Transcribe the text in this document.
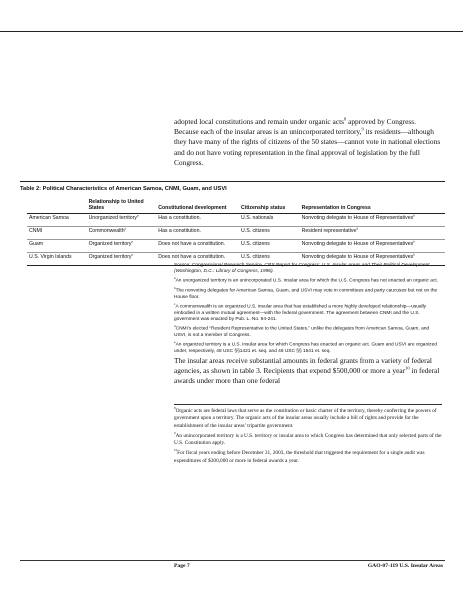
adopted local constitutions and remain under organic acts$^8$ approved by Congress. Because each of the insular areas is an unincorporated territory,$^9$ its residents—although they have many of the rights of citizens of the 50 states—cannot vote in national elections and do not have voting representation in the final approval of legislation by the full Congress.

Table 2: Political Characteristics of American Samoa, CNMI, Guam, and USVI
	Relationship to United States	Constitutional development	Citizenship status	Representation in Congress
American Samoa	Unorganized territory$^a$	Has a constitution.	U.S. nationals	Nonvoting delegate to House of Representatives$^b$
CNMI	Commonwealth$^c$	Has a constitution.	U.S. citizens	Resident representative$^d$
Guam	Organized territory$^e$	Does not have a constitution.	U.S. citizens	Nonvoting delegate to House of Representatives$^b$
U.S. Virgin Islands	Organized territory$^e$	Does not have a constitution.	U.S. citizens	Nonvoting delegate to House of Representatives$^b$

Source: Congressional Research Service, CRS Report for Congress: U.S. Insular Areas and Their Political Development (Washington, D.C.: Library of Congress, 1996).

$^a$An unorganized territory is an unincorporated U.S. insular area for which the U.S. Congress has not enacted an organic act.

$^b$The nonvoting delegates for American Samoa, Guam, and USVI may vote in committees and party caucuses but not on the House floor.

$^c$A commonwealth is an organized U.S. insular area that has established a more highly developed relationship—usually embodied in a written mutual agreement—with the federal government. The agreement between CNMI and the U.S. government was enacted by Pub. L. No. 94-241.

$^d$CNMI’s elected “Resident Representative to the United States,” unlike the delegates from American Samoa, Guam, and USVI, is not a member of Congress.

$^e$An organized territory is a U.S. insular area for which Congress has enacted an organic act. Guam and USVI are organized under, respectively, 48 USC §§1421 et. seq. and 48 USC §§ 1541 et. seq.

The insular areas receive substantial amounts in federal grants from a variety of federal agencies, as shown in table 3. Recipients that expend $500,000 or more a year$^{10}$ in federal awards under more than one federal

$^8$Organic acts are federal laws that serve as the constitution or basic charter of the territory, thereby conferring the powers of government upon a territory. The organic acts of the insular areas usually include a bill of rights and provide for the establishment of the insular areas’ tripartite government.

$^9$An unincorporated territory is a U.S. territory or insular area to which Congress has determined that only selected parts of the U.S. Constitution apply.

$^{10}$For fiscal years ending before December 31, 2003, the threshold that triggered the requirement for a single audit was expenditures of $300,000 or more in federal awards a year.

Page 7	GAO-07-119 U.S. Insular Areas
